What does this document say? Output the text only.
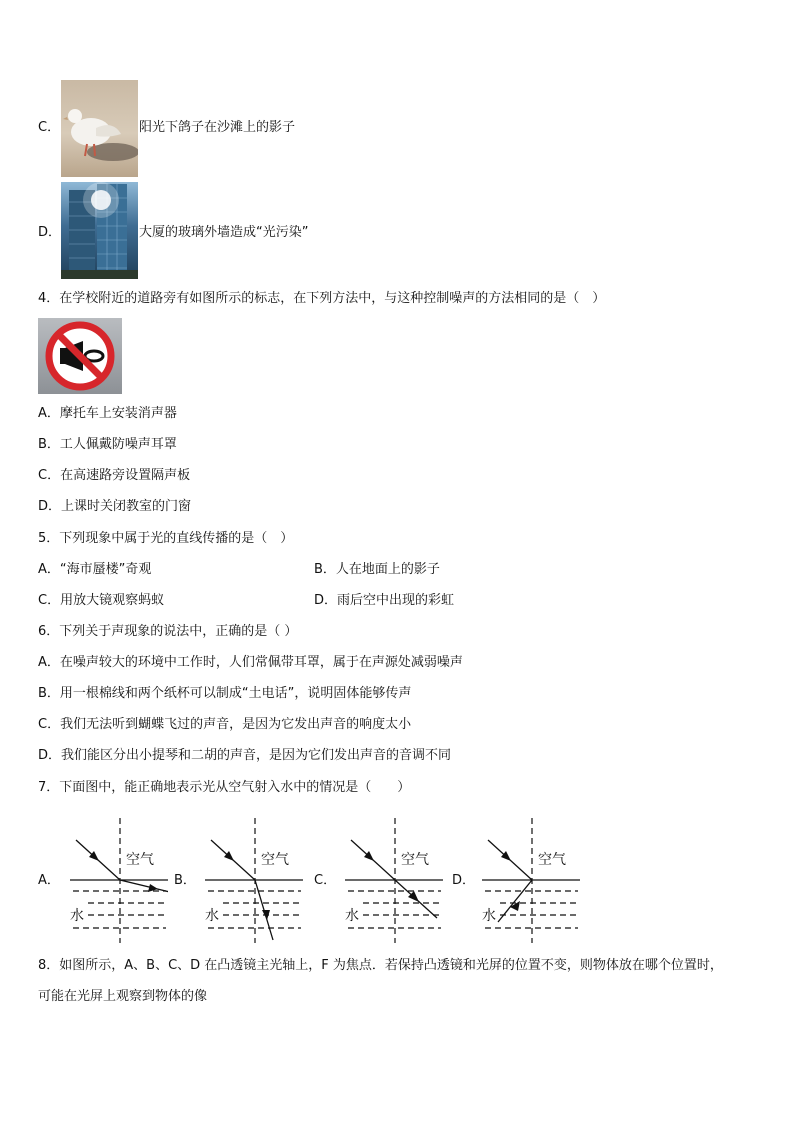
C．	阳光下鸽子在沙滩上的影子
D．	大厦的玻璃外墙造成“光污染”
4．在学校附近的道路旁有如图所示的标志，在下列方法中，与这种控制噪声的方法相同的是（　）
A．摩托车上安装消声器
B．工人佩戴防噪声耳罩
C．在高速路旁设置隔声板
D．上课时关闭教室的门窗
5．下列现象中属于光的直线传播的是（　）
A．“海市蜃楼”奇观	B．人在地面上的影子
C．用放大镜观察蚂蚁	D．雨后空中出现的彩虹
6．下列关于声现象的说法中，正确的是（ ）
A．在噪声较大的环境中工作时，人们常佩带耳罩，属于在声源处减弱噪声
B．用一根棉线和两个纸杯可以制成“土电话”，说明固体能够传声
C．我们无法听到蝴蝶飞过的声音，是因为它发出声音的响度太小
D．我们能区分出小提琴和二胡的声音，是因为它们发出声音的音调不同
7．下面图中，能正确地表示光从空气射入水中的情况是（　　）
A．
空气
水
B．
空气
水
C．
空气
水
D．
空气
水
8．如图所示，A、B、C、D 在凸透镜主光轴上，F 为焦点．若保持凸透镜和光屏的位置不变，则物体放在哪个位置时，
可能在光屏上观察到物体的像
